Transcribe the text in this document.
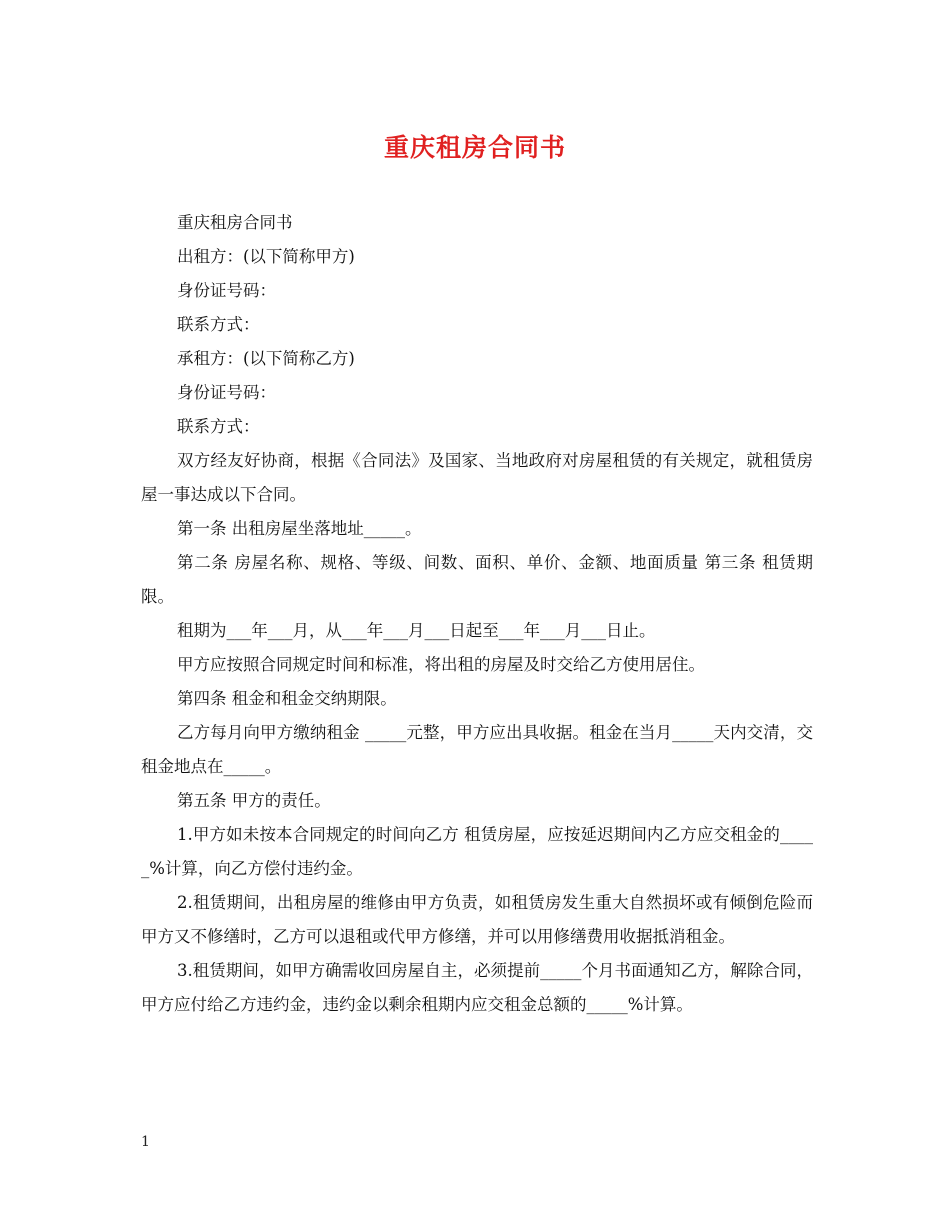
重庆租房合同书

重庆租房合同书

出租方：(以下简称甲方)

身份证号码：

联系方式：

承租方：(以下简称乙方)

身份证号码：

联系方式：

双方经友好协商，根据《合同法》及国家、当地政府对房屋租赁的有关规定，就租赁房屋一事达成以下合同。

第一条 出租房屋坐落地址_____。

第二条 房屋名称、规格、等级、间数、面积、单价、金额、地面质量 第三条 租赁期限。

租期为___年___月，从___年___月___日起至___年___月___日止。

甲方应按照合同规定时间和标准，将出租的房屋及时交给乙方使用居住。

第四条 租金和租金交纳期限。

乙方每月向甲方缴纳租金 _____元整，甲方应出具收据。租金在当月_____天内交清，交租金地点在_____。

第五条 甲方的责任。

1.甲方如未按本合同规定的时间向乙方 租赁房屋，应按延迟期间内乙方应交租金的_____%计算，向乙方偿付违约金。

2.租赁期间，出租房屋的维修由甲方负责，如租赁房发生重大自然损坏或有倾倒危险而甲方又不修缮时，乙方可以退租或代甲方修缮，并可以用修缮费用收据抵消租金。

3.租赁期间，如甲方确需收回房屋自主，必须提前_____个月书面通知乙方，解除合同，甲方应付给乙方违约金，违约金以剩余租期内应交租金总额的_____%计算。

1
